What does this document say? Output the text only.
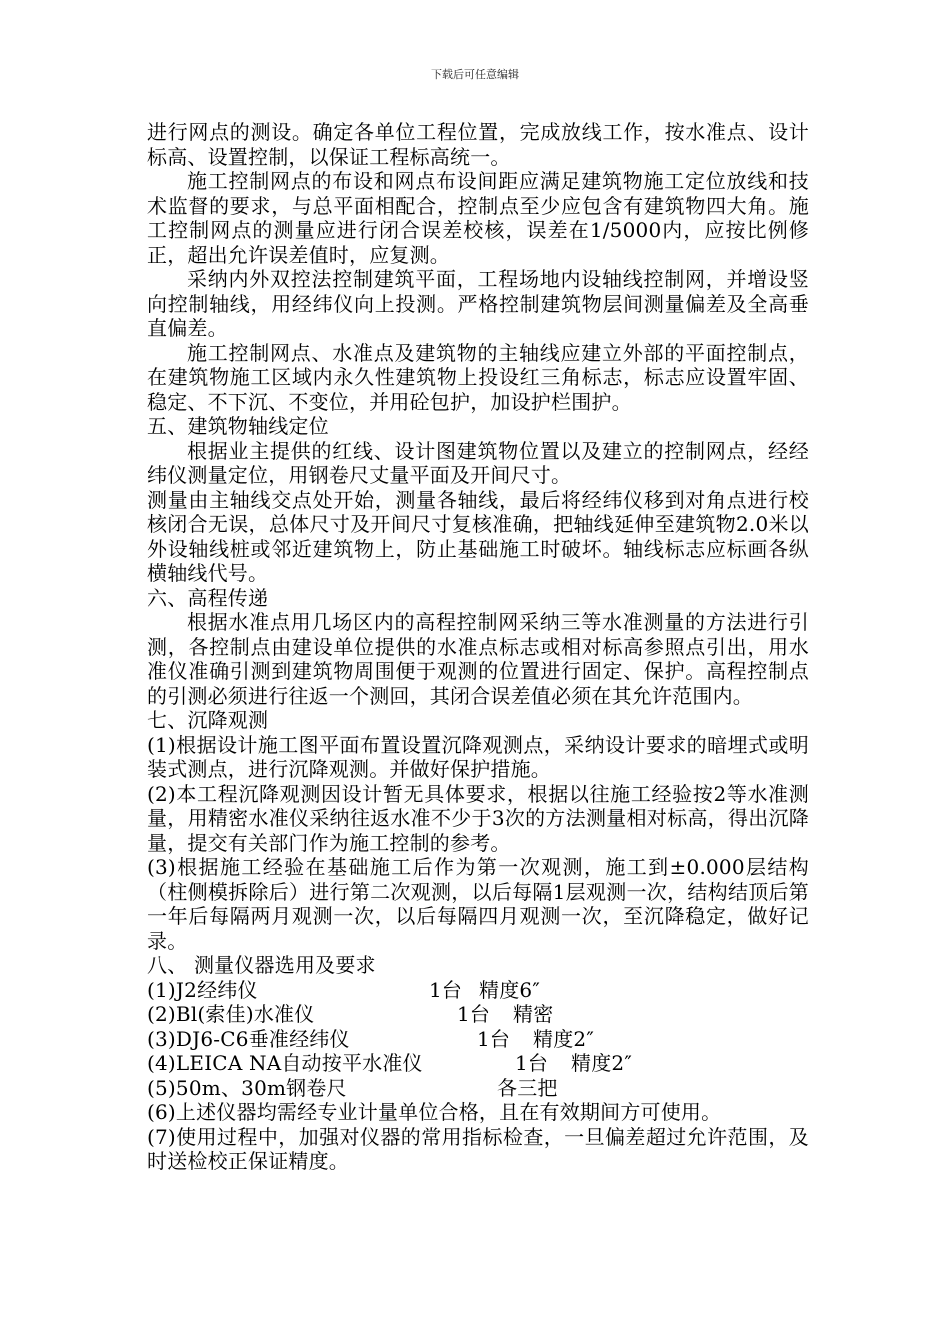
下载后可任意编辑

进行网点的测设。确定各单位工程位置，完成放线工作，按水准点、设计标高、设置控制，以保证工程标高统一。

施工控制网点的布设和网点布设间距应满足建筑物施工定位放线和技术监督的要求，与总平面相配合，控制点至少应包含有建筑物四大角。施工控制网点的测量应进行闭合误差校核，误差在1/5000内，应按比例修正，超出允许误差值时，应复测。

采纳内外双控法控制建筑平面，工程场地内设轴线控制网，并增设竖向控制轴线，用经纬仪向上投测。严格控制建筑物层间测量偏差及全高垂直偏差。

施工控制网点、水准点及建筑物的主轴线应建立外部的平面控制点，在建筑物施工区域内永久性建筑物上投设红三角标志，标志应设置牢固、稳定、不下沉、不变位，并用砼包护，加设护栏围护。

五、建筑物轴线定位

根据业主提供的红线、设计图建筑物位置以及建立的控制网点，经经纬仪测量定位，用钢卷尺丈量平面及开间尺寸。

测量由主轴线交点处开始，测量各轴线，最后将经纬仪移到对角点进行校核闭合无误，总体尺寸及开间尺寸复核准确，把轴线延伸至建筑物2.0米以外设轴线桩或邻近建筑物上，防止基础施工时破坏。轴线标志应标画各纵横轴线代号。

六、高程传递

根据水准点用几场区内的高程控制网采纳三等水准测量的方法进行引测，各控制点由建设单位提供的水准点标志或相对标高参照点引出，用水准仪准确引测到建筑物周围便于观测的位置进行固定、保护。高程控制点的引测必须进行往返一个测回，其闭合误差值必须在其允许范围内。

七、沉降观测

(1)根据设计施工图平面布置设置沉降观测点，采纳设计要求的暗埋式或明装式测点，进行沉降观测。并做好保护措施。

(2)本工程沉降观测因设计暂无具体要求，根据以往施工经验按2等水准测量，用精密水准仪采纳往返水准不少于3次的方法测量相对标高，得出沉降量，提交有关部门作为施工控制的参考。

(3)根据施工经验在基础施工后作为第一次观测，施工到±0.000层结构（柱侧模拆除后）进行第二次观测，以后每隔1层观测一次，结构结顶后第一年后每隔两月观测一次，以后每隔四月观测一次，至沉降稳定，做好记录。

八、 测量仪器选用及要求

(1)J2经纬仪	1台 精度6″
(2)Bl(索佳)水准仪	1台	精密
(3)DJ6-C6垂准经纬仪	1台	精度2″
(4)LEICA NA自动按平水准仪	1台	精度2″
(5)50m、30m钢卷尺	各三把

(6)上述仪器均需经专业计量单位合格，且在有效期间方可使用。

(7)使用过程中，加强对仪器的常用指标检查，一旦偏差超过允许范围，及时送检校正保证精度。
